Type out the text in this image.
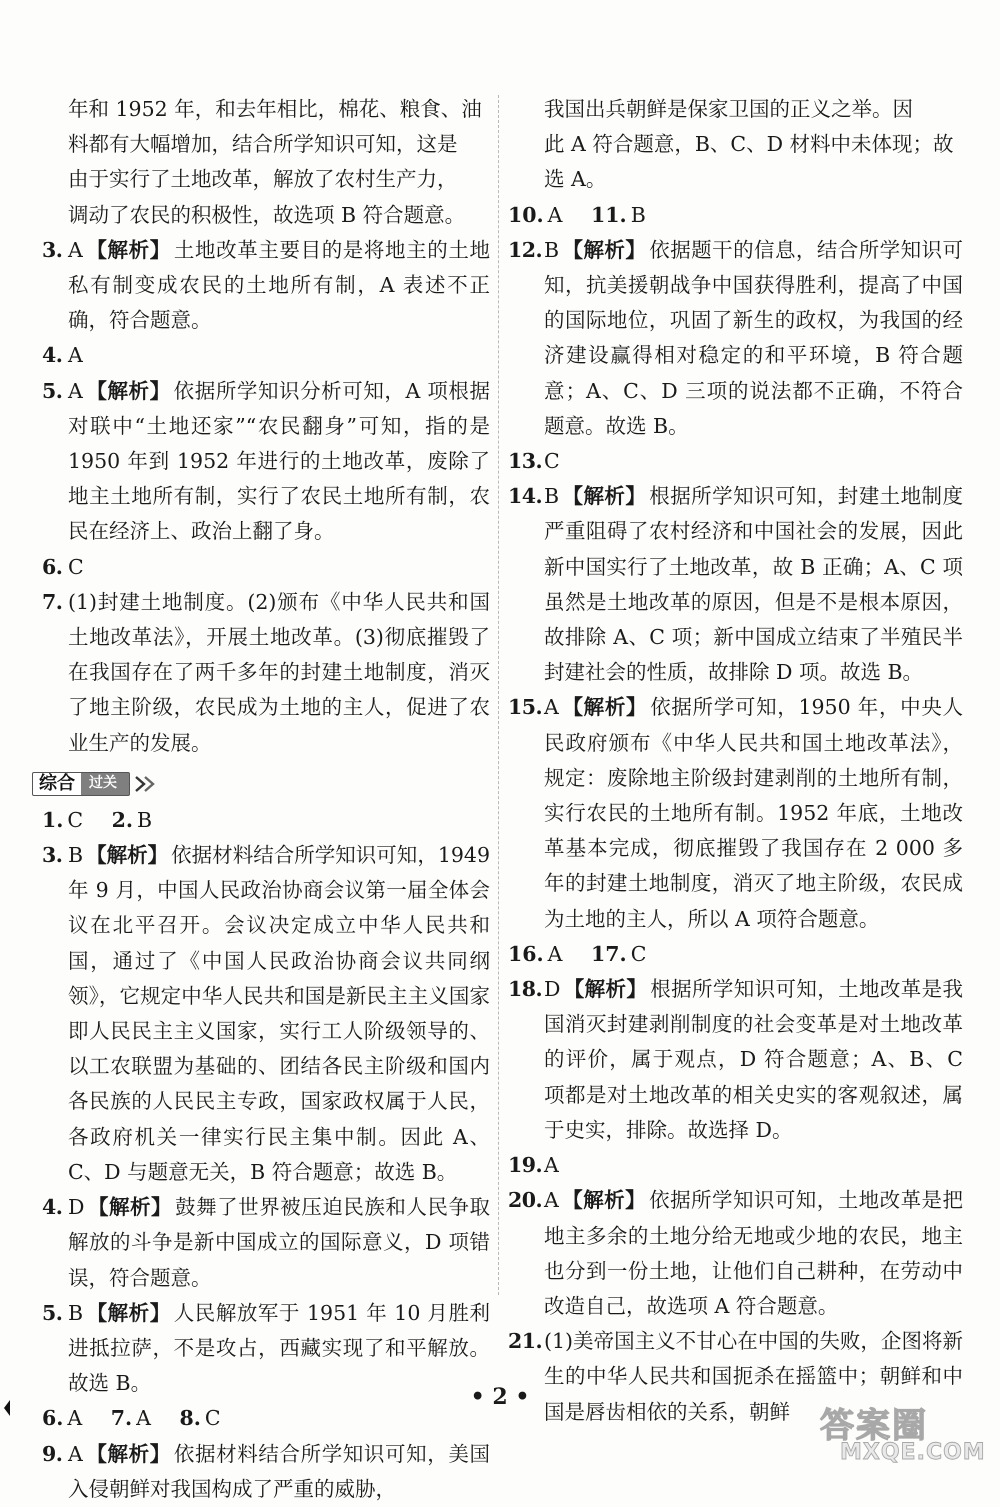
年和 1952 年，和去年相比，棉花、粮食、油
料都有大幅增加，结合所学知识可知，这是
由于实行了土地改革，解放了农村生产力，
调动了农民的积极性，故选项 B 符合题意。
3. A 【解析】 土地改革主要目的是将地主的土地私有制变成农民的土地所有制，A 表述不正确，符合题意。
4. A
5. A 【解析】 依据所学知识分析可知，A 项根据对联中“土地还家”“农民翻身”可知，指的是 1950 年到 1952 年进行的土地改革，废除了地主土地所有制，实行了农民土地所有制，农民在经济上、政治上翻了身。
6. C
7. (1)封建土地制度。(2)颁布《中华人民共和国土地改革法》，开展土地改革。(3)彻底摧毁了在我国存在了两千多年的封建土地制度，消灭了地主阶级，农民成为土地的主人，促进了农业生产的发展。
综合	过关
1. C 2. B
3. B 【解析】 依据材料结合所学知识可知，1949 年 9 月，中国人民政治协商会议第一届全体会议在北平召开。会议决定成立中华人民共和国，通过了《中国人民政治协商会议共同纲领》，它规定中华人民共和国是新民主主义国家即人民民主主义国家，实行工人阶级领导的、以工农联盟为基础的、团结各民主阶级和国内各民族的人民民主专政，国家政权属于人民，各政府机关一律实行民主集中制。因此 A、C、D 与题意无关，B 符合题意；故选 B。
4. D 【解析】 鼓舞了世界被压迫民族和人民争取解放的斗争是新中国成立的国际意义，D 项错误，符合题意。
5. B 【解析】 人民解放军于 1951 年 10 月胜利进抵拉萨，不是攻占，西藏实现了和平解放。故选 B。
6. A 7. A 8. C
9. A 【解析】 依据材料结合所学知识可知，美国入侵朝鲜对我国构成了严重的威胁，
我国出兵朝鲜是保家卫国的正义之举。因
此 A 符合题意，B、C、D 材料中未体现；故
选 A。
10. A 11. B
12. B 【解析】 依据题干的信息，结合所学知识可知，抗美援朝战争中国获得胜利，提高了中国的国际地位，巩固了新生的政权，为我国的经济建设赢得相对稳定的和平环境，B 符合题意；A、C、D 三项的说法都不正确，不符合题意。故选 B。
13. C
14. B 【解析】 根据所学知识可知，封建土地制度严重阻碍了农村经济和中国社会的发展，因此新中国实行了土地改革，故 B 正确；A、C 项虽然是土地改革的原因，但是不是根本原因，故排除 A、C 项；新中国成立结束了半殖民半封建社会的性质，故排除 D 项。故选 B。
15. A 【解析】 依据所学可知，1950 年，中央人民政府颁布《中华人民共和国土地改革法》，规定：废除地主阶级封建剥削的土地所有制，实行农民的土地所有制。1952 年底，土地改革基本完成，彻底摧毁了我国存在 2 000 多年的封建土地制度，消灭了地主阶级，农民成为土地的主人，所以 A 项符合题意。
16. A 17. C
18. D 【解析】 根据所学知识可知，土地改革是我国消灭封建剥削制度的社会变革是对土地改革的评价，属于观点，D 符合题意；A、B、C 项都是对土地改革的相关史实的客观叙述，属于史实，排除。故选择 D。
19. A
20. A 【解析】 依据所学知识可知，土地改革是把地主多余的土地分给无地或少地的农民，地主也分到一份土地，让他们自己耕种，在劳动中改造自己，故选项 A 符合题意。
21. (1)美帝国主义不甘心在中国的失败，企图将新生的中华人民共和国扼杀在摇篮中；朝鲜和中国是唇齿相依的关系，朝鲜
• 2 •
答案圈
MXQE.COM
